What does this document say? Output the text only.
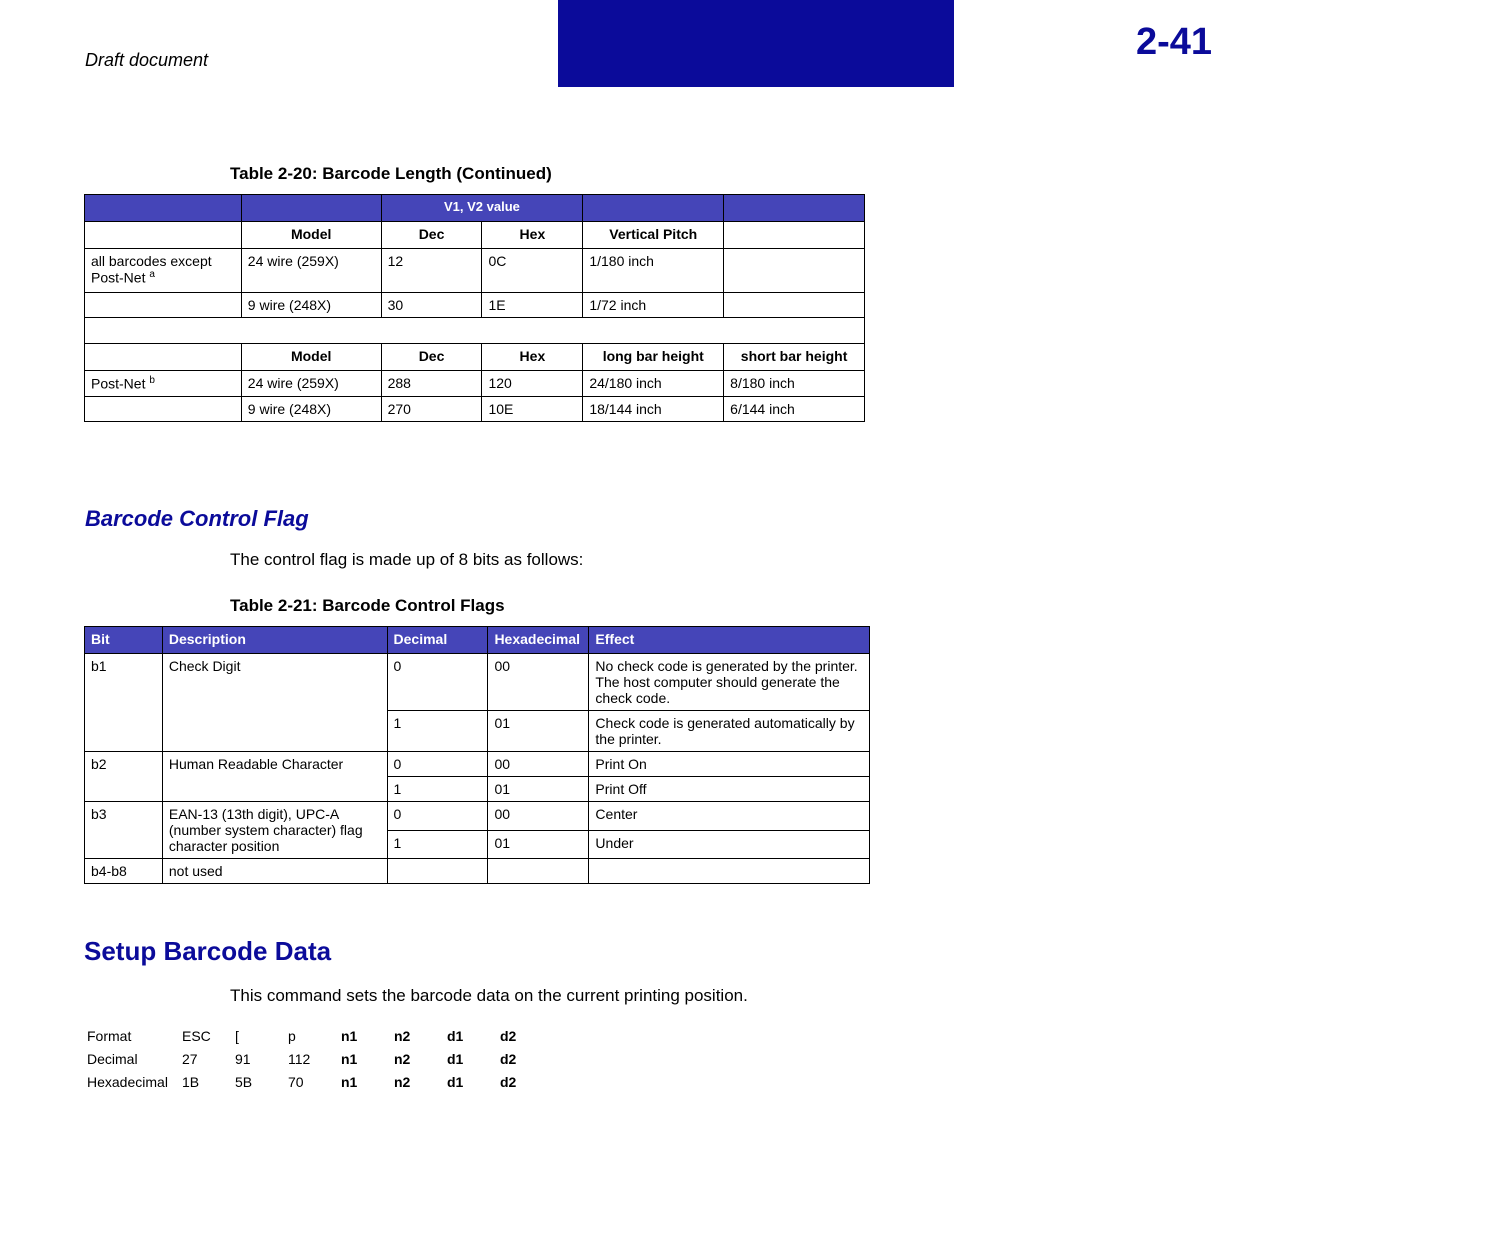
Draft document	2-41	Bar Code
Table 2-20: Barcode Length (Continued)
		V1, V2 value			
	Model	Dec	Hex	Vertical Pitch	
all barcodes except Post-Net $^a$	24 wire (259X)	12	0C	1/180 inch	
	9 wire (248X)	30	1E	1/72 inch	

	Model	Dec	Hex	long bar height	short bar height
Post-Net $^b$	24 wire (259X)	288	120	24/180 inch	8/180 inch
	9 wire (248X)	270	10E	18/144 inch	6/144 inch
Barcode Control Flag
The control flag is made up of 8 bits as follows:
Table 2-21: Barcode Control Flags
Bit	Description	Decimal	Hexadecimal	Effect
b1	Check Digit	0	00	No check code is generated by the printer. The host computer should generate the check code.
		1	01	Check code is generated automatically by the printer.
b2	Human Readable Character	0	00	Print On
		1	01	Print Off
b3	EAN-13 (13th digit), UPC-A (number system character) flag character position	0	00	Center
		1	01	Under
b4-b8	not used			
Setup Barcode Data
This command sets the barcode data on the current printing position.
Format	ESC	[	p	n1	n2	d1	d2
Decimal	27	91	112	n1	n2	d1	d2
Hexadecimal	1B	5B	70	n1	n2	d1	d2
